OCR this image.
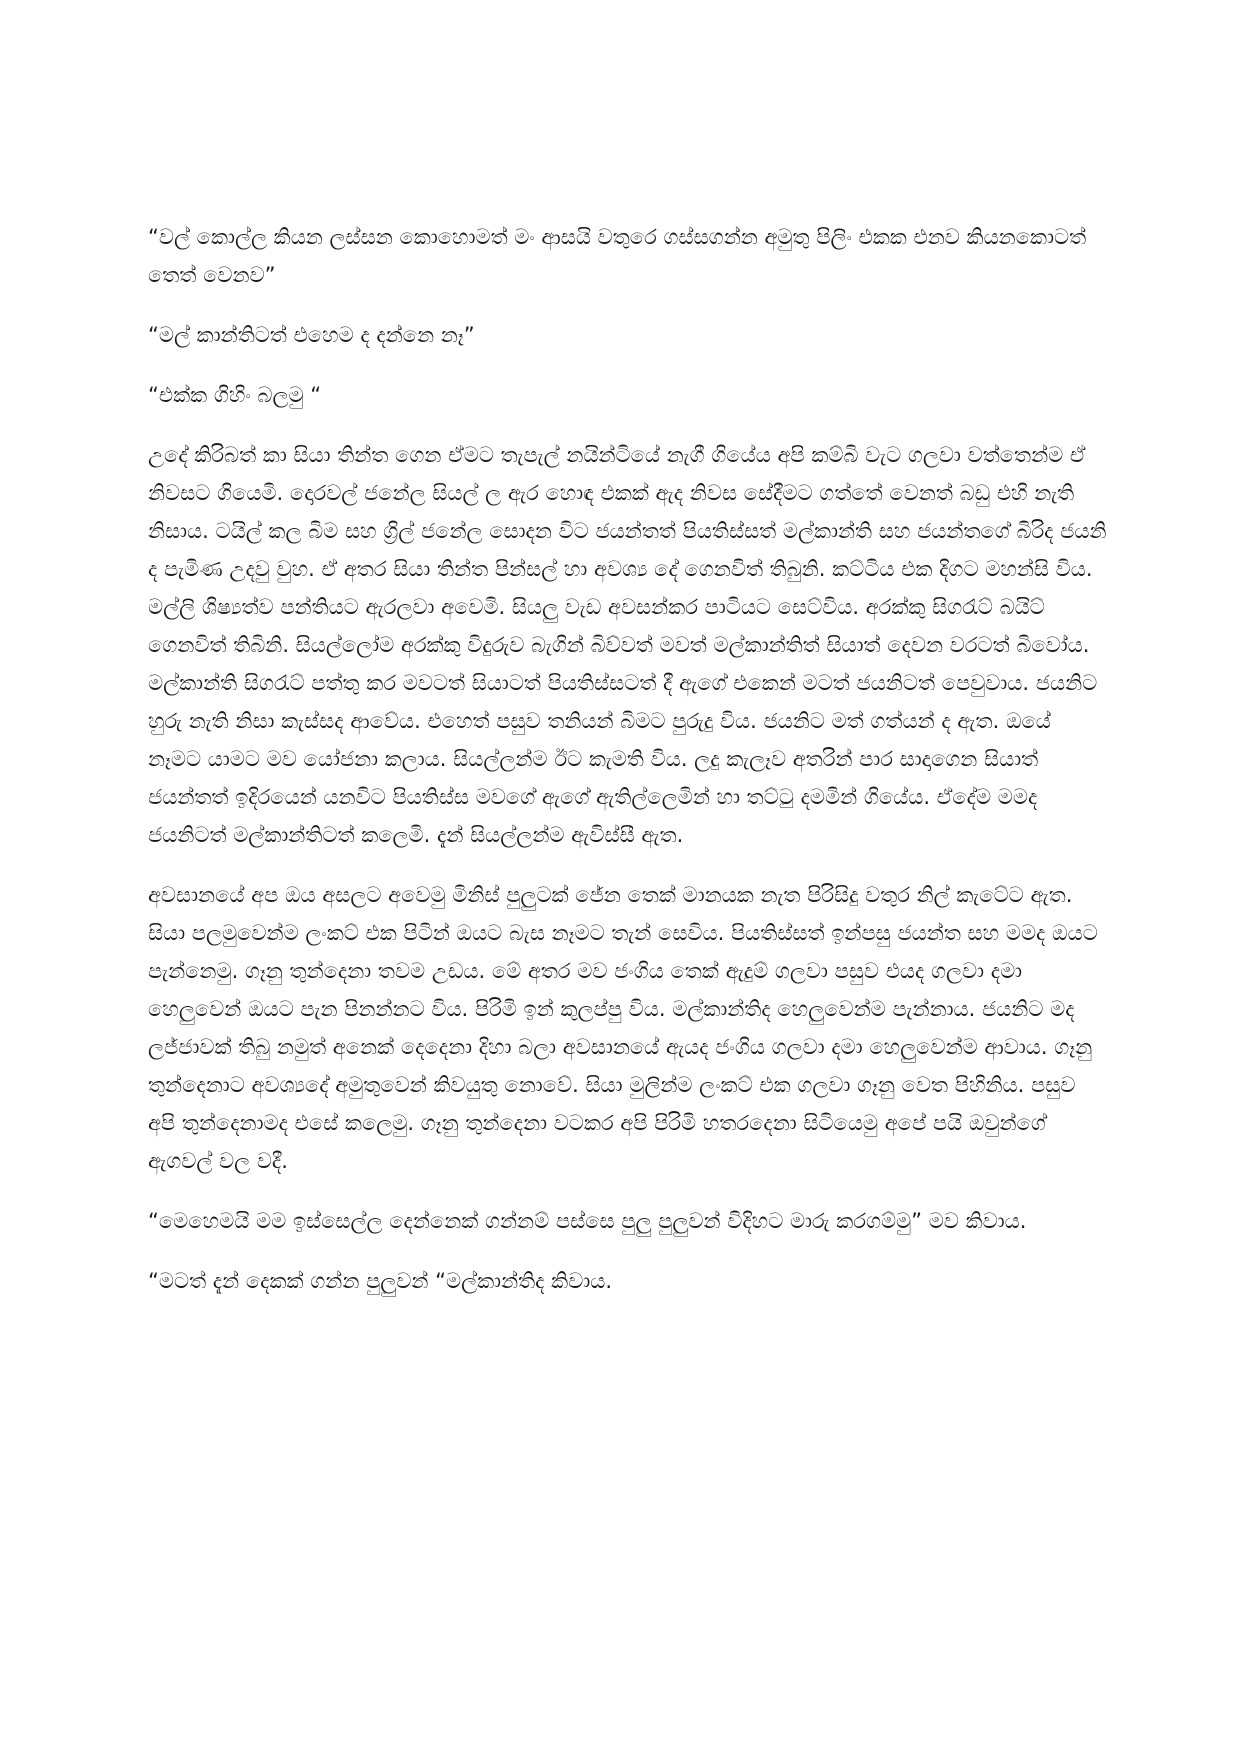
“වල් කොල්ල කියන ලස්සන කොහොමත් මං ආසයි වතුරෙ ගස්සගන්න අමුතු පිලිං එකක එනව කියනකොටත් තෙත් වෙනව”

“මල් කාන්තිටත් එහෙම ද දන්නෙ නෑ”

“එක්ක ගිහිං බලමු “

උදේ කිරිබත් කා සියා තින්ත ගෙන ඒමට තැපැල් නයින්ටියේ නැගී ගියේය අපි කම්බි වැට ගලවා වත්තෙන්ම ඒ නිවසට ගියෙමි. දොරවල් ජනේල සියල් ල ඇර හොඳ එකක් ඇද නිවස සේදීමට ගත්තේ වෙනත් බඩු එහි නැති නිසාය. ටයිල් කල බිම සහ ග්‍රිල් ජනේල සොදන විට ජයන්තත් පියතිස්සත් මල්කාන්ති සහ ජයන්තගේ බිරිද ජයනි ද පැමිණ උදවු වුහ. ඒ අතර සියා තින්ත පින්සල් හා අවශ්‍ය දේ ගෙනවිත් තිබුනි. කට්ටිය එක දිගට මහන්සි විය. මල්ලි ශිෂ්‍යත්ව පන්තියට ඇරලවා අවෙමි. සියලු වැඩ අවසන්කර පාටියට සෙට්විය. අරක්කු සිගරැට් බයිට් ගෙනවිත් තිබිනි. සියල්ලෝම අරක්කු විදුරුව බැගින් බිව්වත් මවත් මල්කාන්තිත් සියාත් දෙවන වරටත් බිවෝය. මල්කාන්ති සිගරැට් පත්තු කර මවටත් සියාටත් පියතිස්සටත් දී ඇගේ එකෙන් මටත් ජයනිටත් පෙවුවාය. ජයනිට හුරු නැති නිසා කැස්සද ආවේය. එහෙත් පසුව තනියන් බිමට පුරුදු විය. ජයනිට මත් ගත්යන් ද ඇත. ඔයේ නෑමට යාමට මව යෝජනා කලාය. සියල්ලන්ම ඊට කැමති විය. ලදු කැලෑව අතරින් පාර සාදාගෙන සියාත් ජයන්තත් ඉදිරයෙන් යනවිට පියතිස්ස මවගේ ඇගේ ඇතිල්ලෙමින් හා තට්ටු දමමින් ගියේය. ඒදේම මමද ජයනිටත් මල්කාන්තිටත් කලෙමි. දැන් සියල්ලන්ම ඇවිස්සී ඇත.

අවසානයේ අප ඔය අසලට අවෙමු මිනිස් පුලුටක් ජේන තෙක් මානයක නැත පිරිසිදු වතුර නිල් කැටේට ඇත. සියා පලමුවෙන්ම ලංකට් එක පිටින් ඔයට බැස නෑමට තැන් සෙවිය. පියතිස්සත් ඉන්පසු ජයන්ත සහ මමද ඔයට පැන්නෙමු. ගෑනු තුන්දෙනා තවම උඩය. මේ අතර මව ජංගිය තෙක් ඇදුම් ගලවා පසුව එයද ගලවා දමා හෙලුවෙන් ඔයට පැන පිනන්නට විය. පිරිමි ඉන් කුලප්පු විය. මල්කාන්තිද හෙලුවෙන්ම පැන්නාය. ජයනිට මද ලජ්ජාවක් තිබු නමුත් අනෙක් දෙදෙනා දිහා බලා අවසානයේ ඇයද ජංගිය ගලවා දමා හෙලුවෙන්ම ආවාය. ගෑනු තුන්දෙනාට අවශ්‍යදේ අමුතුවෙන් කිවයුතු නොවේ. සියා මුලින්ම ලංකට් එක ගලවා ගෑනු වෙත පිහිනිය. පසුව අපි තුන්දෙනාමද එසේ කලෙමු. ගෑනු තුන්දෙනා වටකර අපි පිරිමි හතරදෙනා සිටියෙමු අපේ පයි ඔවුන්ගේ ඇගවල් වල වදී.

“මෙහෙමයි මම ඉස්සෙල්ල දෙන්නෙක් ගන්නම් පස්සෙ පුලු පුලුවන් විදිහට මාරු කරගම්මු” මව කිවාය.

“මටත් දැන් දෙකක් ගන්න පුලුවන් “මල්කාන්තිද කිවාය.
